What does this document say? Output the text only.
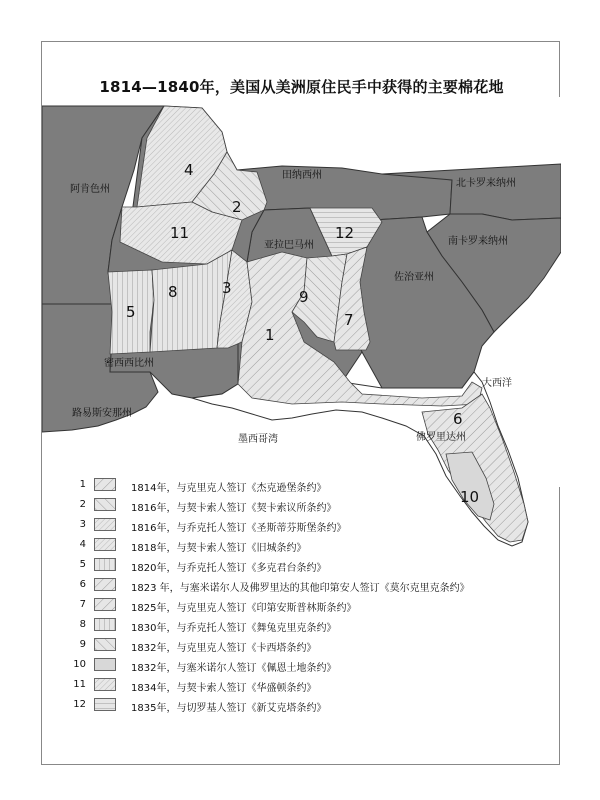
1814—1840年，美国从美洲原住民手中获得的主要棉花地
阿肯色州
田纳西州
北卡罗来纳州
南卡罗来纳州
亚拉巴马州
佐治亚州
密西西比州
路易斯安那州
墨西哥湾
大西洋
佛罗里达州
4
2
11	12
5
8	3
1
9
7
6
10
1	1814年，与克里克人签订《杰克逊堡条约》
2	1816年，与契卡索人签订《契卡索议所条约》
3	1816年，与乔克托人签订《圣斯蒂芬斯堡条约》
4	1818年，与契卡索人签订《旧城条约》
5	1820年，与乔克托人签订《多克君台条约》
6	1823 年，与塞米诺尔人及佛罗里达的其他印第安人签订《莫尔克里克条约》
7	1825年，与克里克人签订《印第安斯普林斯条约》
8	1830年，与乔克托人签订《舞兔克里克条约》
9	1832年，与克里克人签订《卡西塔条约》
10	1832年，与塞米诺尔人签订《佩恩土地条约》
11	1834年，与契卡索人签订《华盛顿条约》
12	1835年，与切罗基人签订《新艾克塔条约》
